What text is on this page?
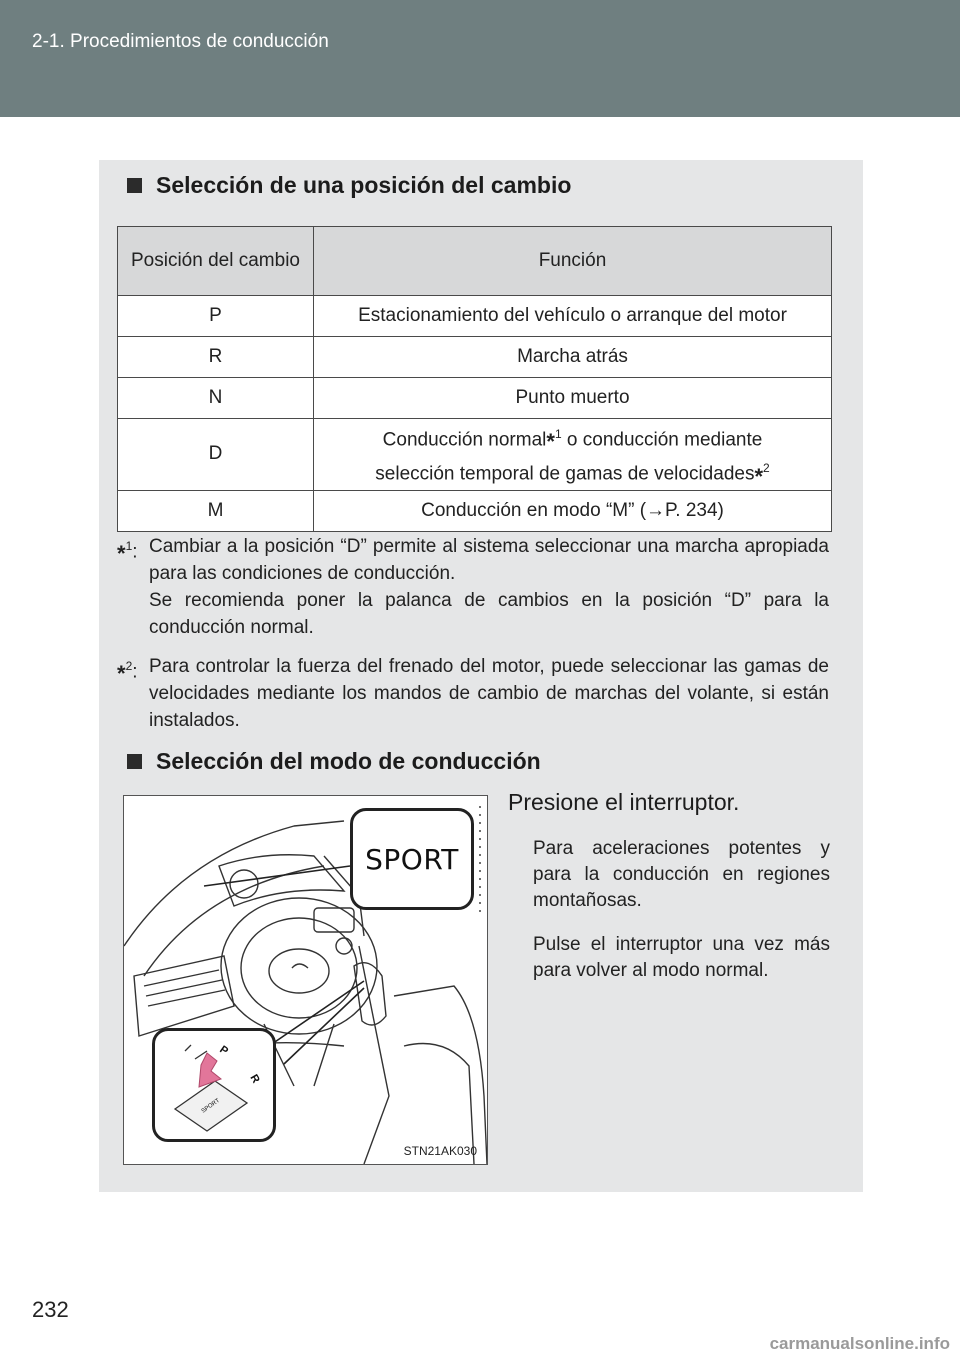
2-1. Procedimientos de conducción
Selección de una posición del cambio
Posición del cambio	Función
P	Estacionamiento del vehículo o arranque del motor
R	Marcha atrás
N	Punto muerto
D	Conducción normal*$^1$ o conducción mediante
selección temporal de gamas de velocidades*$^2$
M	Conducción en modo “M” (→P. 234)
*$^1$: Cambiar a la posición “D” permite al sistema seleccionar una marcha apropiada para las condiciones de conducción.
Se recomienda poner la palanca de cambios en la posición “D” para la conducción normal.
*$^2$: Para controlar la fuerza del frenado del motor, puede seleccionar las gamas de velocidades mediante los mandos de cambio de marchas del volante, si están instalados.
Selección del modo de conducción
SPORT
P
R
SPORT
STN21AK030
Presione el interruptor.
Para aceleraciones potentes y para la conducción en regiones montañosas.
Pulse el interruptor una vez más para volver al modo normal.
232
carmanualsonline.info
